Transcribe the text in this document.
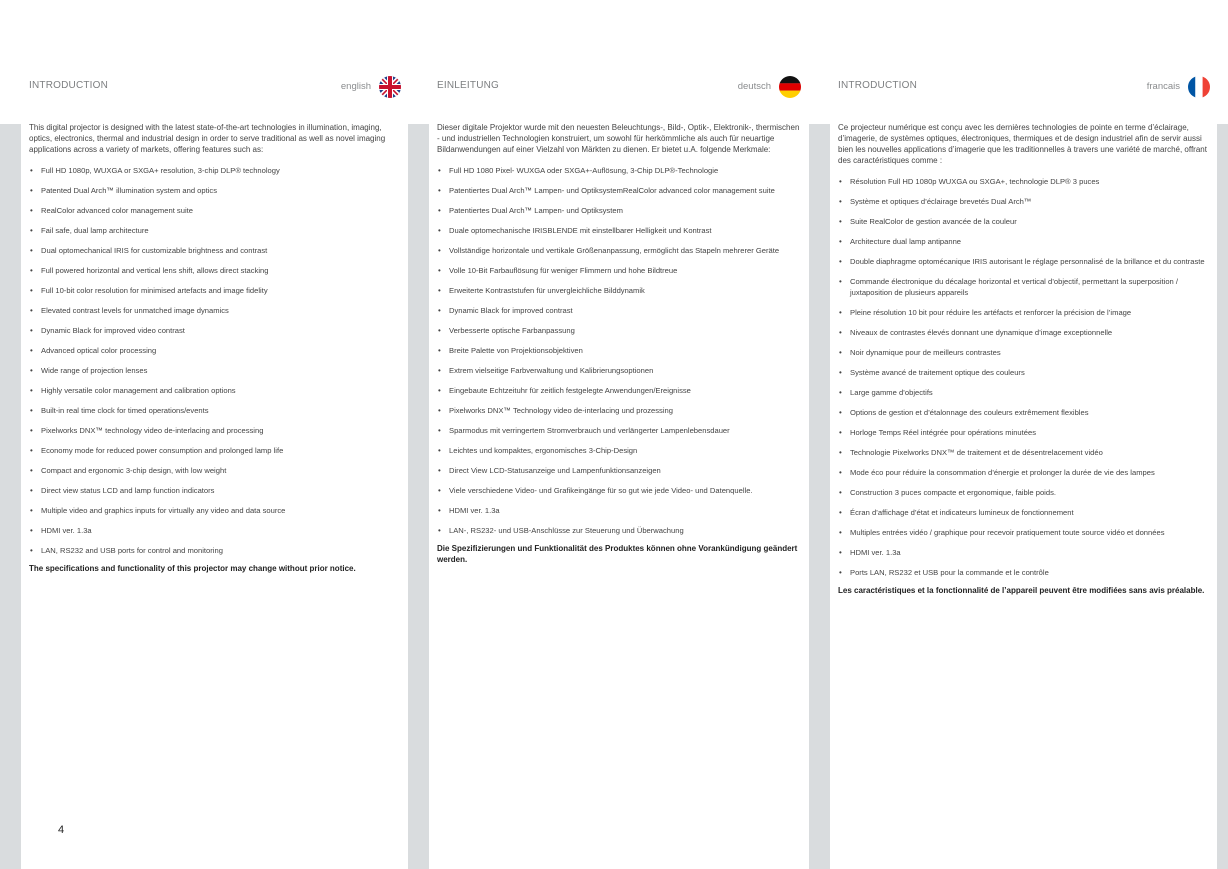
INTRODUCTION	english

This digital projector is designed with the latest state-of-the-art technologies in illumination, imaging, optics, electronics, thermal and industrial design in order to serve traditional as well as novel imaging applications across a variety of markets, offering features such as:

• Full HD 1080p, WUXGA or SXGA+ resolution, 3-chip DLP® technology
• Patented Dual Arch™ illumination system and optics
• RealColor advanced color management suite
• Fail safe, dual lamp architecture
• Dual optomechanical IRIS for customizable brightness and contrast
• Full powered horizontal and vertical lens shift, allows direct stacking
• Full 10-bit color resolution for minimised artefacts and image fidelity
• Elevated contrast levels for unmatched image dynamics
• Dynamic Black for improved video contrast
• Advanced optical color processing
• Wide range of projection lenses
• Highly versatile color management and calibration options
• Built-in real time clock for timed operations/events
• Pixelworks DNX™ technology video de-interlacing and processing
• Economy mode for reduced power consumption and prolonged lamp life
• Compact and ergonomic 3-chip design, with low weight
• Direct view status LCD and lamp function indicators
• Multiple video and graphics inputs for virtually any video and data source
• HDMI ver. 1.3a
• LAN, RS232 and USB ports for control and monitoring

The specifications and functionality of this projector may change without prior notice.

EINLEITUNG	deutsch

Dieser digitale Projektor wurde mit den neuesten Beleuchtungs-, Bild-, Optik-, Elektronik-, thermischen - und industriellen Technologien konstruiert, um sowohl für herkömmliche als auch für neuartige Bildanwendungen auf einer Vielzahl von Märkten zu dienen. Er bietet u.A. folgende Merkmale:

• Full HD 1080 Pixel- WUXGA oder SXGA+-Auflösung, 3-Chip DLP®-Technologie
• Patentiertes Dual Arch™ Lampen- und OptiksystemRealColor advanced color management suite
• Patentiertes Dual Arch™ Lampen- und Optiksystem
• Duale optomechanische IRISBLENDE mit einstellbarer Helligkeit und Kontrast
• Vollständige horizontale und vertikale Größenanpassung, ermöglicht das Stapeln mehrerer Geräte
• Volle 10-Bit Farbauflösung für weniger Flimmern und hohe Bildtreue
• Erweiterte Kontraststufen für unvergleichliche Bilddynamik
• Dynamic Black for improved contrast
• Verbesserte optische Farbanpassung
• Breite Palette von Projektionsobjektiven
• Extrem vielseitige Farbverwaltung und Kalibrierungsoptionen
• Eingebaute Echtzeituhr für zeitlich festgelegte Anwendungen/Ereignisse
• Pixelworks DNX™ Technology video de-interlacing und prozessing
• Sparmodus mit verringertem Stromverbrauch und verlängerter Lampenlebensdauer
• Leichtes und kompaktes, ergonomisches 3-Chip-Design
• Direct View LCD-Statusanzeige und Lampenfunktionsanzeigen
• Viele verschiedene Video- und Grafikeingänge für so gut wie jede Video- und Datenquelle.
• HDMI ver. 1.3a
• LAN-, RS232- und USB-Anschlüsse zur Steuerung und Überwachung

Die Spezifizierungen und Funktionalität des Produktes können ohne Vorankündigung geändert werden.

INTRODUCTION	francais

Ce projecteur numérique est conçu avec les dernières technologies de pointe en terme d’éclairage, d’imagerie, de systèmes optiques, électroniques, thermiques et de design industriel afin de servir aussi bien les nouvelles applications d’imagerie que les traditionnelles à travers une variété de marché, offrant des caractéristiques comme :

• Résolution Full HD 1080p WUXGA ou SXGA+, technologie DLP® 3 puces
• Système et optiques d’éclairage brevetés Dual Arch™
• Suite RealColor de gestion avancée de la couleur
• Architecture dual lamp antipanne
• Double diaphragme optomécanique IRIS autorisant le réglage personnalisé de la brillance et du contraste
• Commande électronique du décalage horizontal et vertical d’objectif, permettant la superposition / juxtaposition de plusieurs appareils
• Pleine résolution 10 bit pour réduire les artéfacts et renforcer la précision de l’image
• Niveaux de contrastes élevés donnant une dynamique d’image exceptionnelle
• Noir dynamique pour de meilleurs contrastes
• Système avancé de traitement optique des couleurs
• Large gamme d’objectifs
• Options de gestion et d’étalonnage des couleurs extrêmement flexibles
• Horloge Temps Réel intégrée pour opérations minutées
• Technologie Pixelworks DNX™ de traitement et de désentrelacement vidéo
• Mode éco pour réduire la consommation d’énergie et prolonger la durée de vie des lampes
• Construction 3 puces compacte et ergonomique, faible poids.
• Écran d’affichage d’état et indicateurs lumineux de fonctionnement
• Multiples entrées vidéo / graphique pour recevoir pratiquement toute source vidéo et données
• HDMI ver. 1.3a
• Ports LAN, RS232 et USB pour la commande et le contrôle

Les caractéristiques et la fonctionnalité de l’appareil peuvent être modifiées sans avis préalable.

4
